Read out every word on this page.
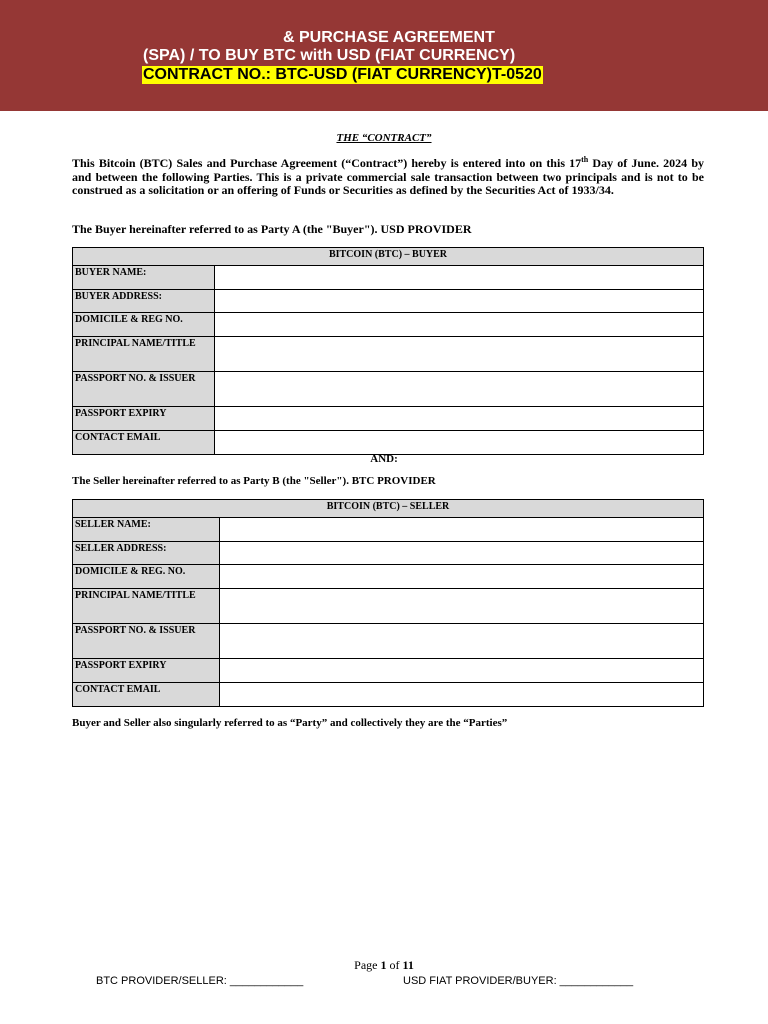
& PURCHASE AGREEMENT
(SPA) / TO BUY BTC with USD (FIAT CURRENCY)
CONTRACT NO.: BTC-USD (FIAT CURRENCY)T-0520
THE “CONTRACT”
This Bitcoin (BTC) Sales and Purchase Agreement (“Contract”) hereby is entered into on this 17th Day of June. 2024 by and between the following Parties. This is a private commercial sale transaction between two principals and is not to be construed as a solicitation or an offering of Funds or Securities as defined by the Securities Act of 1933/34.
The Buyer hereinafter referred to as Party A (the "Buyer"). USD PROVIDER
BITCOIN (BTC) – BUYER	
BUYER NAME:	
BUYER ADDRESS:	
DOMICILE & REG NO.	
PRINCIPAL NAME/TITLE	
PASSPORT NO. & ISSUER	
PASSPORT EXPIRY	
CONTACT EMAIL	
AND:
The Seller hereinafter referred to as Party B (the "Seller"). BTC PROVIDER
BITCOIN (BTC) – SELLER	
SELLER NAME:	
SELLER ADDRESS:	
DOMICILE & REG. NO.	
PRINCIPAL NAME/TITLE	
PASSPORT NO. & ISSUER	
PASSPORT EXPIRY	
CONTACT EMAIL	
Buyer and Seller also singularly referred to as “Party” and collectively they are the “Parties”
Page 1 of 11
BTC PROVIDER/SELLER: ____________	USD FIAT PROVIDER/BUYER: ____________
